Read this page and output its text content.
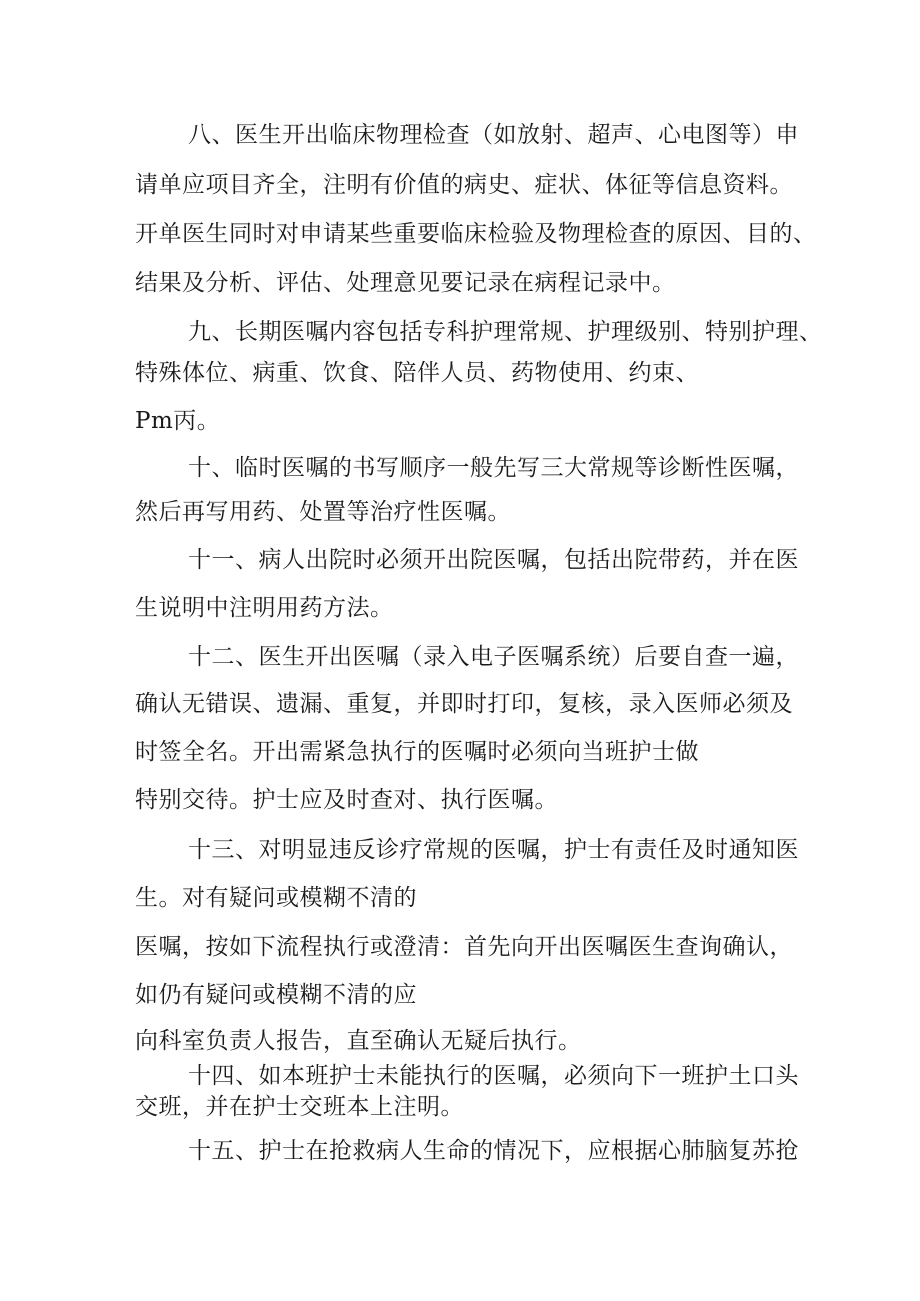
八、医生开出临床物理检查（如放射、超声、心电图等）申
请单应项目齐全，注明有价值的病史、症状、体征等信息资料。
开单医生同时对申请某些重要临床检验及物理检查的原因、目的、
结果及分析、评估、处理意见要记录在病程记录中。
九、长期医嘱内容包括专科护理常规、护理级别、特别护理、
特殊体位、病重、饮食、陪伴人员、药物使用、约束、
Pm丙。
十、临时医嘱的书写顺序一般先写三大常规等诊断性医嘱，
然后再写用药、处置等治疗性医嘱。
十一、病人出院时必须开出院医嘱，包括出院带药，并在医
生说明中注明用药方法。
十二、医生开出医嘱（录入电子医嘱系统）后要自查一遍，
确认无错误、遗漏、重复，并即时打印，复核，录入医师必须及
时签全名。开出需紧急执行的医嘱时必须向当班护士做
特别交待。护士应及时查对、执行医嘱。
十三、对明显违反诊疗常规的医嘱，护士有责任及时通知医
生。对有疑问或模糊不清的
医嘱，按如下流程执行或澄清：首先向开出医嘱医生查询确认，
如仍有疑问或模糊不清的应
向科室负责人报告，直至确认无疑后执行。
十四、如本班护士未能执行的医嘱，必须向下一班护土口头
交班，并在护士交班本上注明。
十五、护士在抢救病人生命的情况下，应根据心肺脑复苏抢
